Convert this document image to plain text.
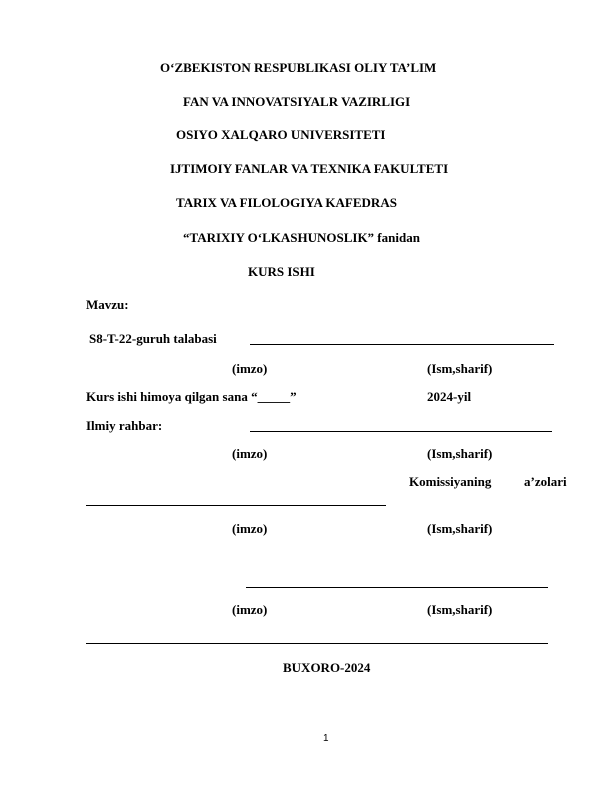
O‘ZBEKISTON RESPUBLIKASI OLIY TA’LIM
FAN VA INNOVATSIYALR VAZIRLIGI
OSIYO XALQARO UNIVERSITETI
IJTIMOIY FANLAR VA TEXNIKA FAKULTETI
TARIX VA FILOLOGIYA KAFEDRAS
“TARIXIY O‘LKASHUNOSLIK” fanidan
KURS ISHI
Mavzu:
S8-T-22-guruh talabasi
(imzo)	(Ism,sharif)
Kurs ishi himoya qilgan sana “_____”	2024-yil
Ilmiy rahbar:
(imzo)	(Ism,sharif)
Komissiyaning	a’zolari
(imzo)	(Ism,sharif)
(imzo)	(Ism,sharif)
BUXORO-2024
1
